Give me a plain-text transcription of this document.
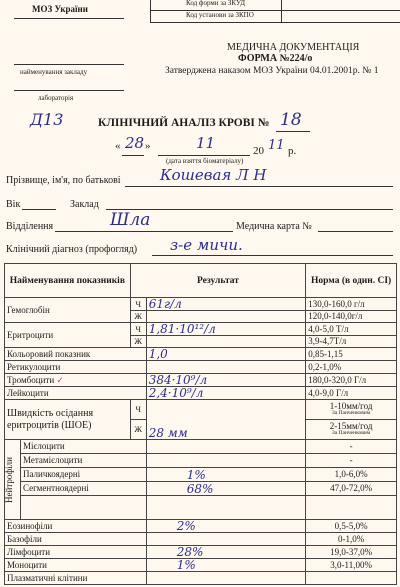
МОЗ України
Код форми за ЗКУД
Код установи за ЗКПО
найменування закладу
лабораторія
МЕДИЧНА ДОКУМЕНТАЦІЯ
ФОРМА №224/о
Затверджена наказом МОЗ України 04.01.2001р. № 1
Д13	КЛІНІЧНИЙ АНАЛІЗ КРОВІ № 18
« 28 »	11	20 11 р.
(дата взяття біоматеріалу)
Прізвище, ім'я, по батькові	Кошевая Л Н
Вік	Заклад
Відділення	Шла	Медична карта №
Клінічний діагноз (профогляд) з-е мичи.
Найменування показників		Результат		Норма (в один. СІ)
Гемоглобін		Ч	61г/л	130,0-160,0 г/л
		Ж		120,0-140,0г/л
Еритроцити		Ч	1,81·10¹²/л	4,0-5,0 Т/л
		Ж		3,9-4,7Т/л
Кольоровий показник			1,0	0,85-1,15
Ретикулоцити				0,2-1,0%
Тромбоцити ✓			384·10⁹/л	180,0-320,0 Г/л
Лейкоцити			2,4·10⁹/л	4,0-9,0 Г/л
Швидкість осідання еритроцитів (ШОЕ)		Ч	28 мм	1-10мм/год
За Панченковим

		Ж		2-15мм/год
За Панченковим

Нейтрофіли	Мієлоцити			-
	Метамієлоцити			-
	Паличкоядерні		1%	1,0-6,0%
	Сегментноядерні		68%	47,0-72,0%

Еозинофіли			2%	0,5-5,0%
Базофіли				0-1,0%
Лімфоцити			28%	19,0-37,0%
Моноцити			1%	3,0-11,00%
Плазматичні клітини				
